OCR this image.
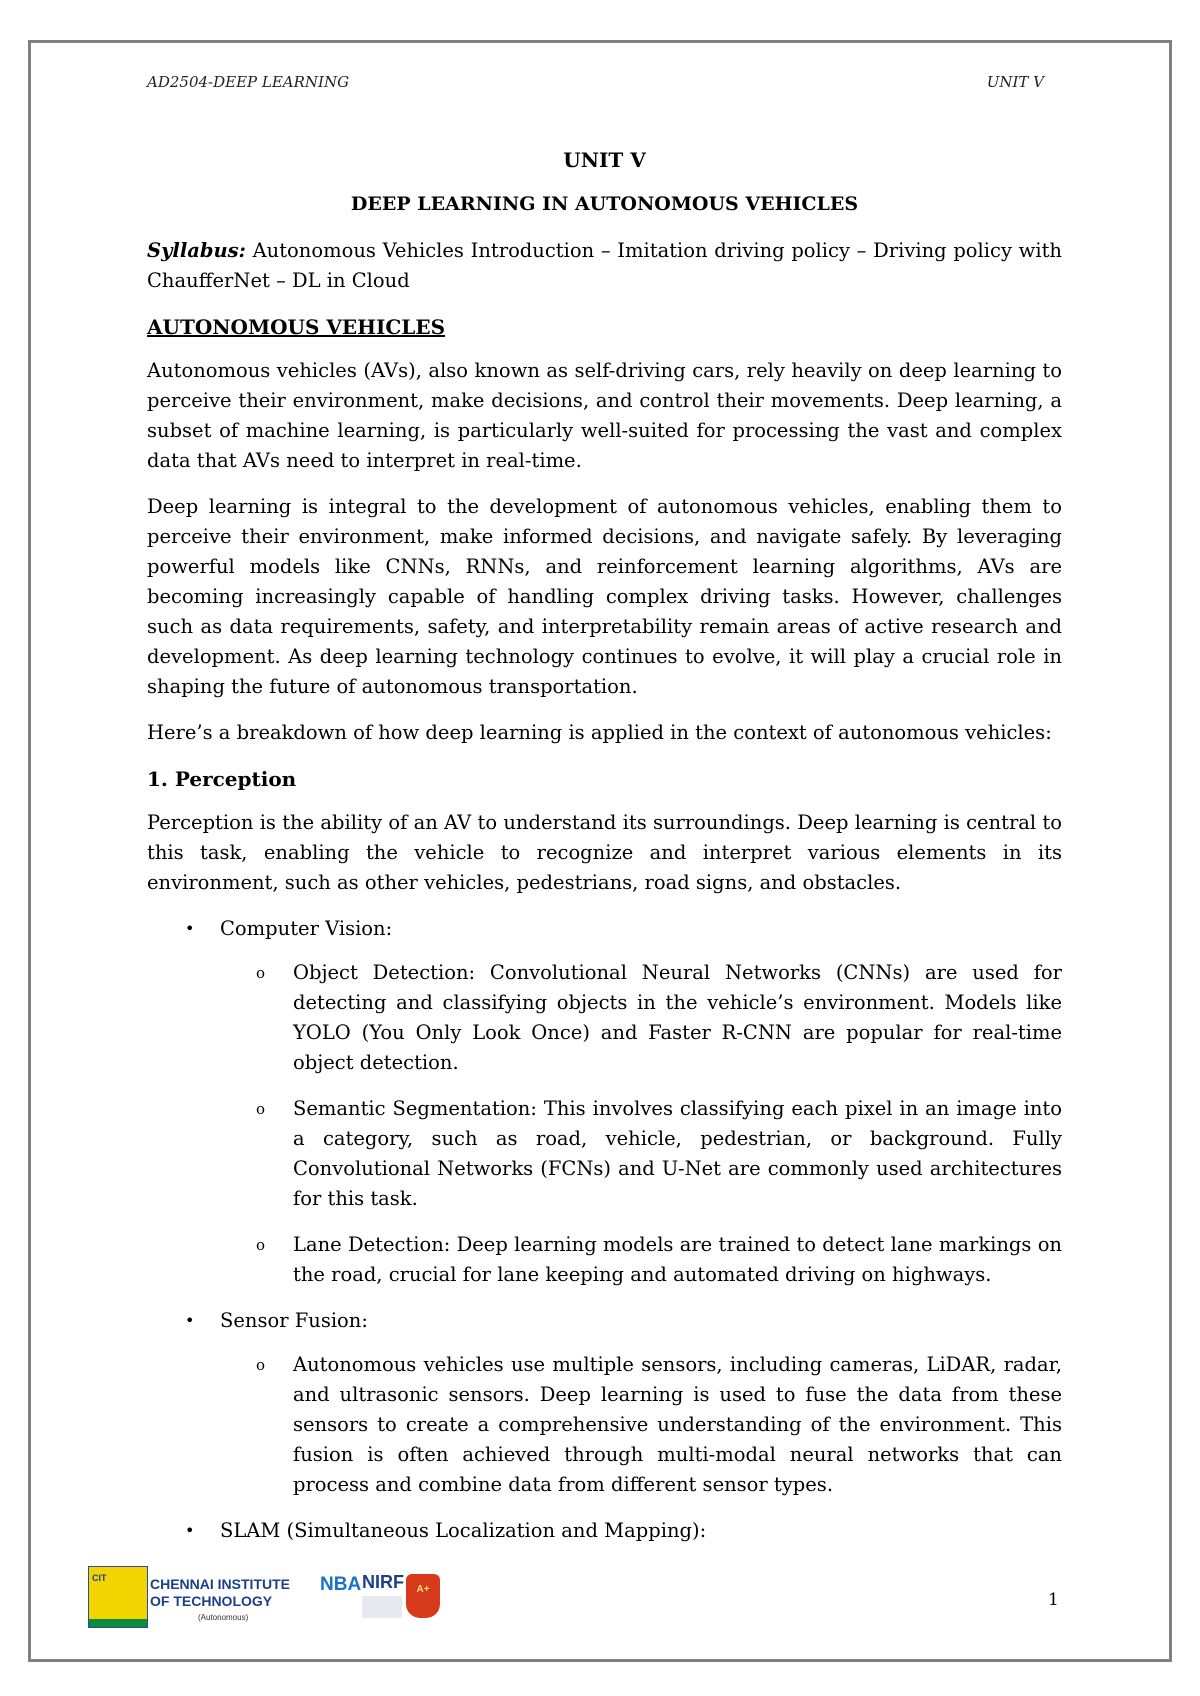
AD2504-DEEP LEARNING	UNIT V
UNIT V
DEEP LEARNING IN AUTONOMOUS VEHICLES

Syllabus: Autonomous Vehicles Introduction – Imitation driving policy – Driving policy with ChaufferNet – DL in Cloud

AUTONOMOUS VEHICLES

Autonomous vehicles (AVs), also known as self-driving cars, rely heavily on deep learning to perceive their environment, make decisions, and control their movements. Deep learning, a subset of machine learning, is particularly well-suited for processing the vast and complex data that AVs need to interpret in real-time.

Deep learning is integral to the development of autonomous vehicles, enabling them to perceive their environment, make informed decisions, and navigate safely. By leveraging powerful models like CNNs, RNNs, and reinforcement learning algorithms, AVs are becoming increasingly capable of handling complex driving tasks. However, challenges such as data requirements, safety, and interpretability remain areas of active research and development. As deep learning technology continues to evolve, it will play a crucial role in shaping the future of autonomous transportation.

Here’s a breakdown of how deep learning is applied in the context of autonomous vehicles:

1. Perception

Perception is the ability of an AV to understand its surroundings. Deep learning is central to this task, enabling the vehicle to recognize and interpret various elements in its environment, such as other vehicles, pedestrians, road signs, and obstacles.

• Computer Vision:
o Object Detection: Convolutional Neural Networks (CNNs) are used for detecting and classifying objects in the vehicle’s environment. Models like YOLO (You Only Look Once) and Faster R-CNN are popular for real-time object detection.
o Semantic Segmentation: This involves classifying each pixel in an image into a category, such as road, vehicle, pedestrian, or background. Fully Convolutional Networks (FCNs) and U-Net are commonly used architectures for this task.
o Lane Detection: Deep learning models are trained to detect lane markings on the road, crucial for lane keeping and automated driving on highways.
• Sensor Fusion:
o Autonomous vehicles use multiple sensors, including cameras, LiDAR, radar, and ultrasonic sensors. Deep learning is used to fuse the data from these sensors to create a comprehensive understanding of the environment. This fusion is often achieved through multi-modal neural networks that can process and combine data from different sensor types.
• SLAM (Simultaneous Localization and Mapping):
CIT	CHENNAI INSTITUTE OF TECHNOLOGY
(Autonomous)
NBA NIRF	A+
1
